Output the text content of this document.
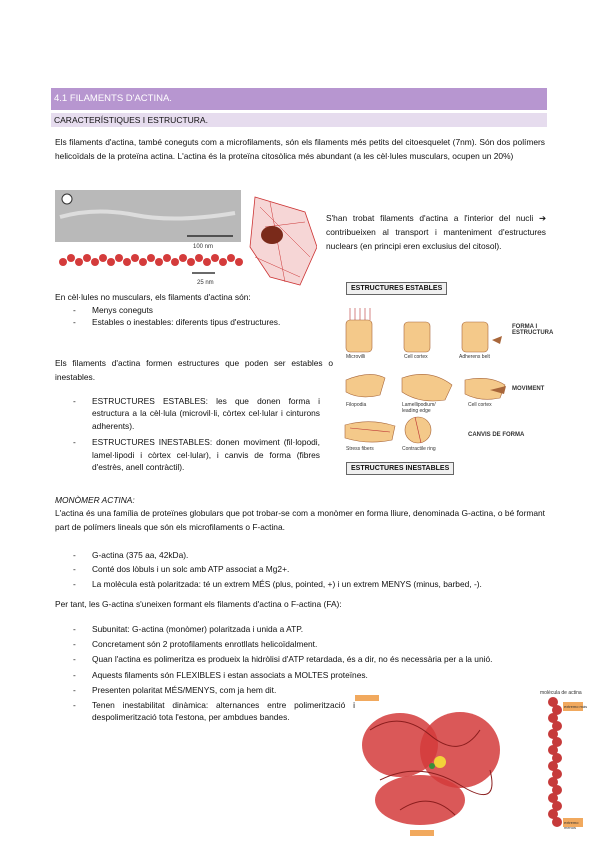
4.1 FILAMENTS D'ACTINA.
CARACTERÍSTIQUES I ESTRUCTURA.
Els filaments d'actina, també coneguts com a microfilaments, són els filaments més petits del citoesquelet (7nm). Són dos polímers helicoïdals de la proteïna actina. L'actina és la proteïna citosòlica més abundant (a les cèl·lules musculars, ocupen un 20%)
100 nm
25 nm
S'han trobat filaments d'actina a l'interior del nucli ➔ contribueixen al transport i manteniment d'estructures nuclears (en principi eren exclusius del citosol).
ESTRUCTURES ESTABLES
Microvilli	Cell cortex	Adherens belt
FORMA I ESTRUCTURA
Filopodia	Lamellipodium/ leading edge
Cell cortex
MOVIMENT
Stress fibers	Contractile ring
CANVIS DE FORMA
ESTRUCTURES INESTABLES
En cèl·lules no musculars, els filaments d'actina són:
- Menys coneguts
- Estables o inestables: diferents tipus d'estructures.
Els filaments d'actina formen estructures que poden ser estables o inestables.
- ESTRUCTURES ESTABLES: les que donen forma i estructura a la cèl·lula (microvil·li, còrtex cel·lular i cinturons adherents).
- ESTRUCTURES INESTABLES: donen moviment (fil·lopodi, lamel·lipodi i còrtex cel·lular), i canvis de forma (fibres d'estrès, anell contràctil).
MONÒMER ACTINA:
L'actina és una família de proteïnes globulars que pot trobar-se com a monòmer en forma lliure, denominada G-actina, o bé formant part de polímers lineals que són els microfilaments o F-actina.
- G-actina (375 aa, 42kDa).
- Conté dos lòbuls i un solc amb ATP associat a Mg2+.
- La molècula està polaritzada: té un extrem MÉS (plus, pointed, +) i un extrem MENYS (minus, barbed, -).
Per tant, les G-actina s'uneixen formant els filaments d'actina o F-actina (FA):
- Subunitat: G-actina (monòmer) polaritzada i unida a ATP.
- Concretament són 2 protofilaments enrotllats helicoïdalment.
- Quan l'actina es polimeritza es produeix la hidròlisi d'ATP retardada, és a dir, no és necessària per a la unió.
- Aquests filaments són FLEXIBLES i estan associats a MOLTES proteïnes.
- Presenten polaritat MÉS/MENYS, com ja hem dit.
- Tenen inestabilitat dinàmica: alternances entre polimerització i despolimerització tota l'estona, per ambdues bandes.
molècula de actina
extremo más
extremo menos
